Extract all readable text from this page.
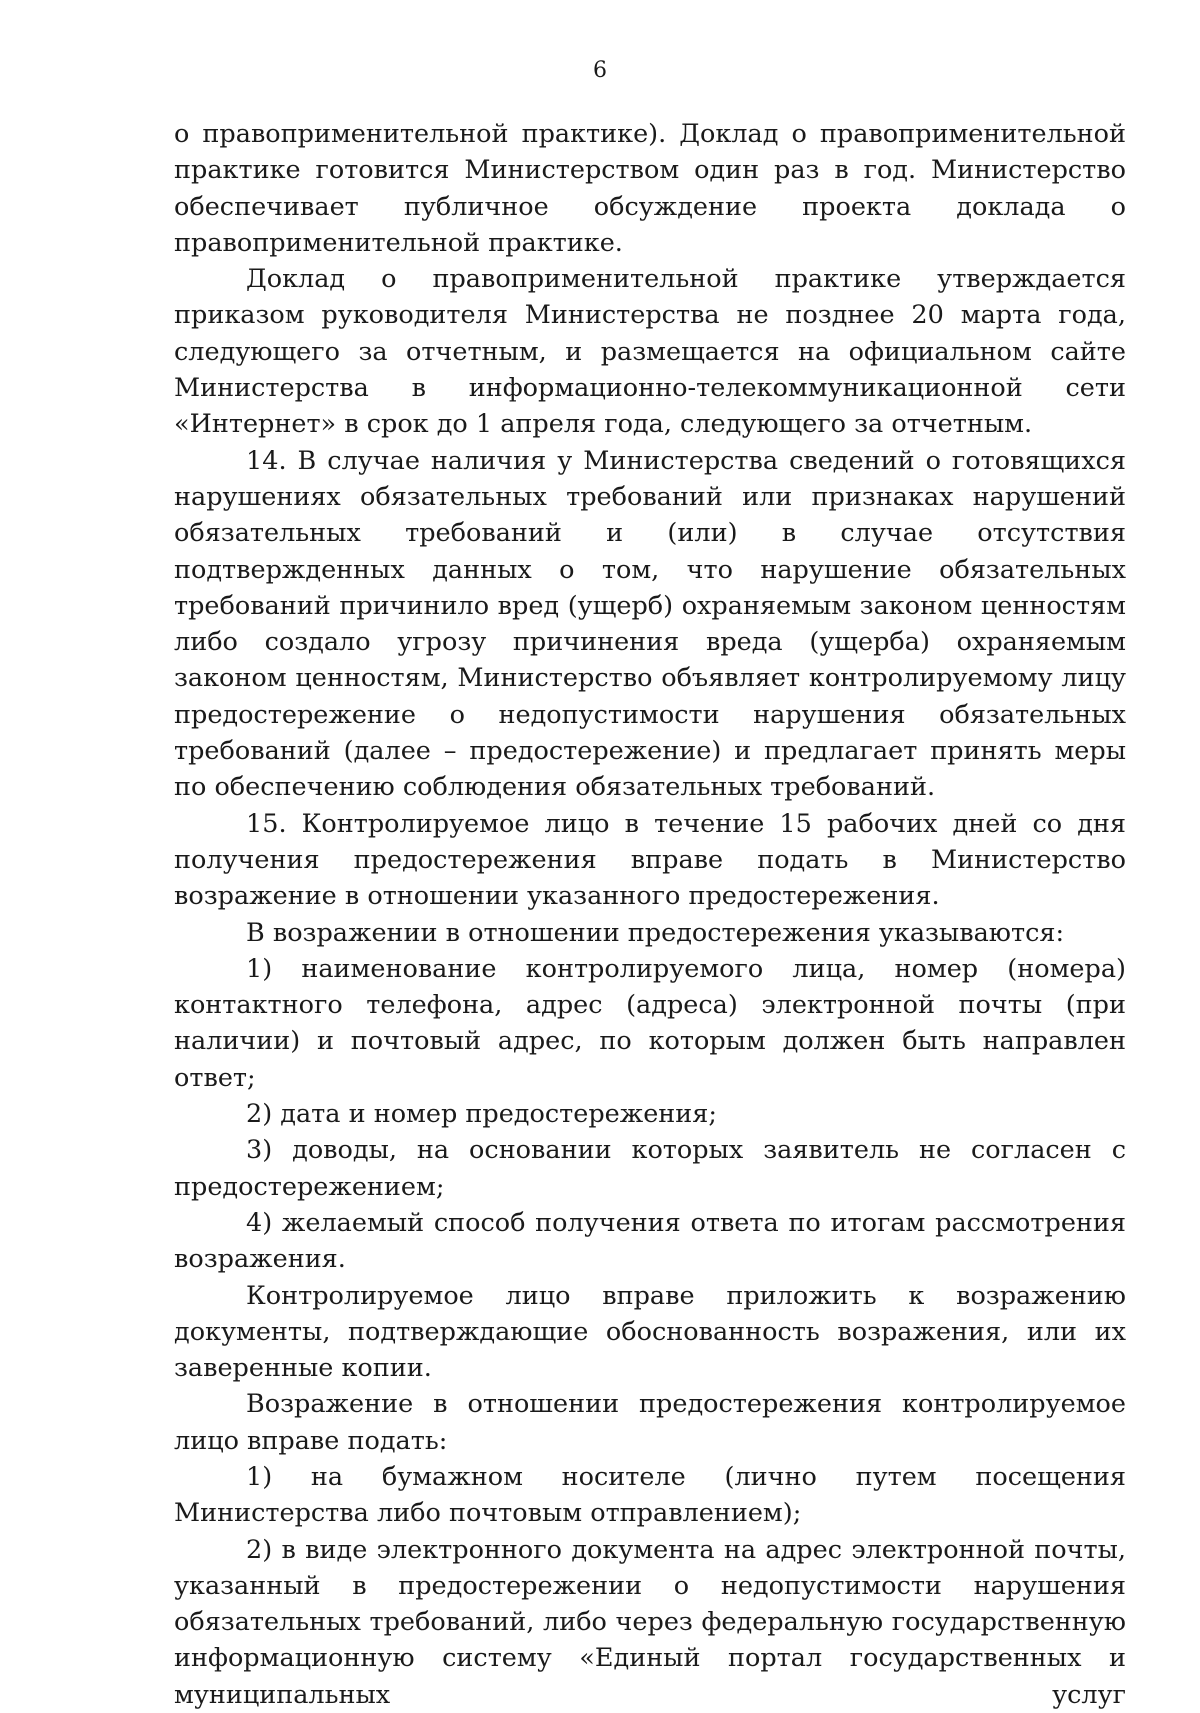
6

о правоприменительной практике). Доклад о правоприменительной практике готовится Министерством один раз в год. Министерство обеспечивает публичное обсуждение проекта доклада о правоприменительной практике.

Доклад о правоприменительной практике утверждается приказом руководителя Министерства не позднее 20 марта года, следующего за отчетным, и размещается на официальном сайте Министерства в информационно-телекоммуникационной сети «Интернет» в срок до 1 апреля года, следующего за отчетным.

14. В случае наличия у Министерства сведений о готовящихся нарушениях обязательных требований или признаках нарушений обязательных требований и (или) в случае отсутствия подтвержденных данных о том, что нарушение обязательных требований причинило вред (ущерб) охраняемым законом ценностям либо создало угрозу причинения вреда (ущерба) охраняемым законом ценностям, Министерство объявляет контролируемому лицу предостережение о недопустимости нарушения обязательных требований (далее – предостережение) и предлагает принять меры по обеспечению соблюдения обязательных требований.

15. Контролируемое лицо в течение 15 рабочих дней со дня получения предостережения вправе подать в Министерство возражение в отношении указанного предостережения.

В возражении в отношении предостережения указываются:

1) наименование контролируемого лица, номер (номера) контактного телефона, адрес (адреса) электронной почты (при наличии) и почтовый адрес, по которым должен быть направлен ответ;

2) дата и номер предостережения;

3) доводы, на основании которых заявитель не согласен с предостережением;

4) желаемый способ получения ответа по итогам рассмотрения возражения.

Контролируемое лицо вправе приложить к возражению документы, подтверждающие обоснованность возражения, или их заверенные копии.

Возражение в отношении предостережения контролируемое лицо вправе подать:

1) на бумажном носителе (лично путем посещения Министерства либо почтовым отправлением);

2) в виде электронного документа на адрес электронной почты, указанный в предостережении о недопустимости нарушения обязательных требований, либо через федеральную государственную информационную систему «Единый портал государственных и муниципальных услуг
